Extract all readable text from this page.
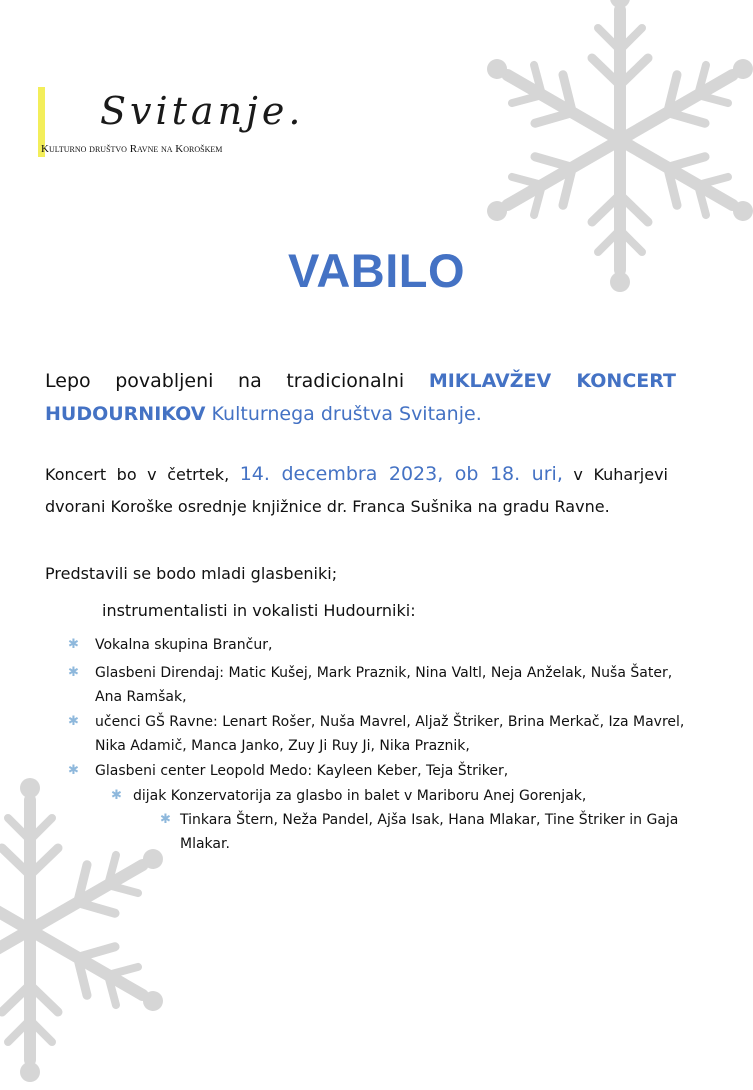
Svitanje.
Kulturno društvo Ravne na Koroškem
VABILO
Lepo povabljeni na tradicionalni MIKLAVŽEV KONCERT HUDOURNIKOV Kulturnega društva Svitanje.
Koncert bo v četrtek, 14. decembra 2023, ob 18. uri, v Kuharjevi dvorani Koroške osrednje knjižnice dr. Franca Sušnika na gradu Ravne.
Predstavili se bodo mladi glasbeniki;
instrumentalisti in vokalisti Hudourniki:
✱ Vokalna skupina Brančur,
✱ Glasbeni Direndaj: Matic Kušej, Mark Praznik, Nina Valtl, Neja Anželak, Nuša Šater, Ana Ramšak,
✱ učenci GŠ Ravne: Lenart Rošer, Nuša Mavrel, Aljaž Štriker, Brina Merkač, Iza Mavrel, Nika Adamič, Manca Janko, Zuy Ji Ruy Ji, Nika Praznik,
✱ Glasbeni center Leopold Medo: Kayleen Keber, Teja Štriker,
✱ dijak Konzervatorija za glasbo in balet v Mariboru Anej Gorenjak,
✱ Tinkara Štern, Neža Pandel, Ajša Isak, Hana Mlakar, Tine Štriker in Gaja Mlakar.
